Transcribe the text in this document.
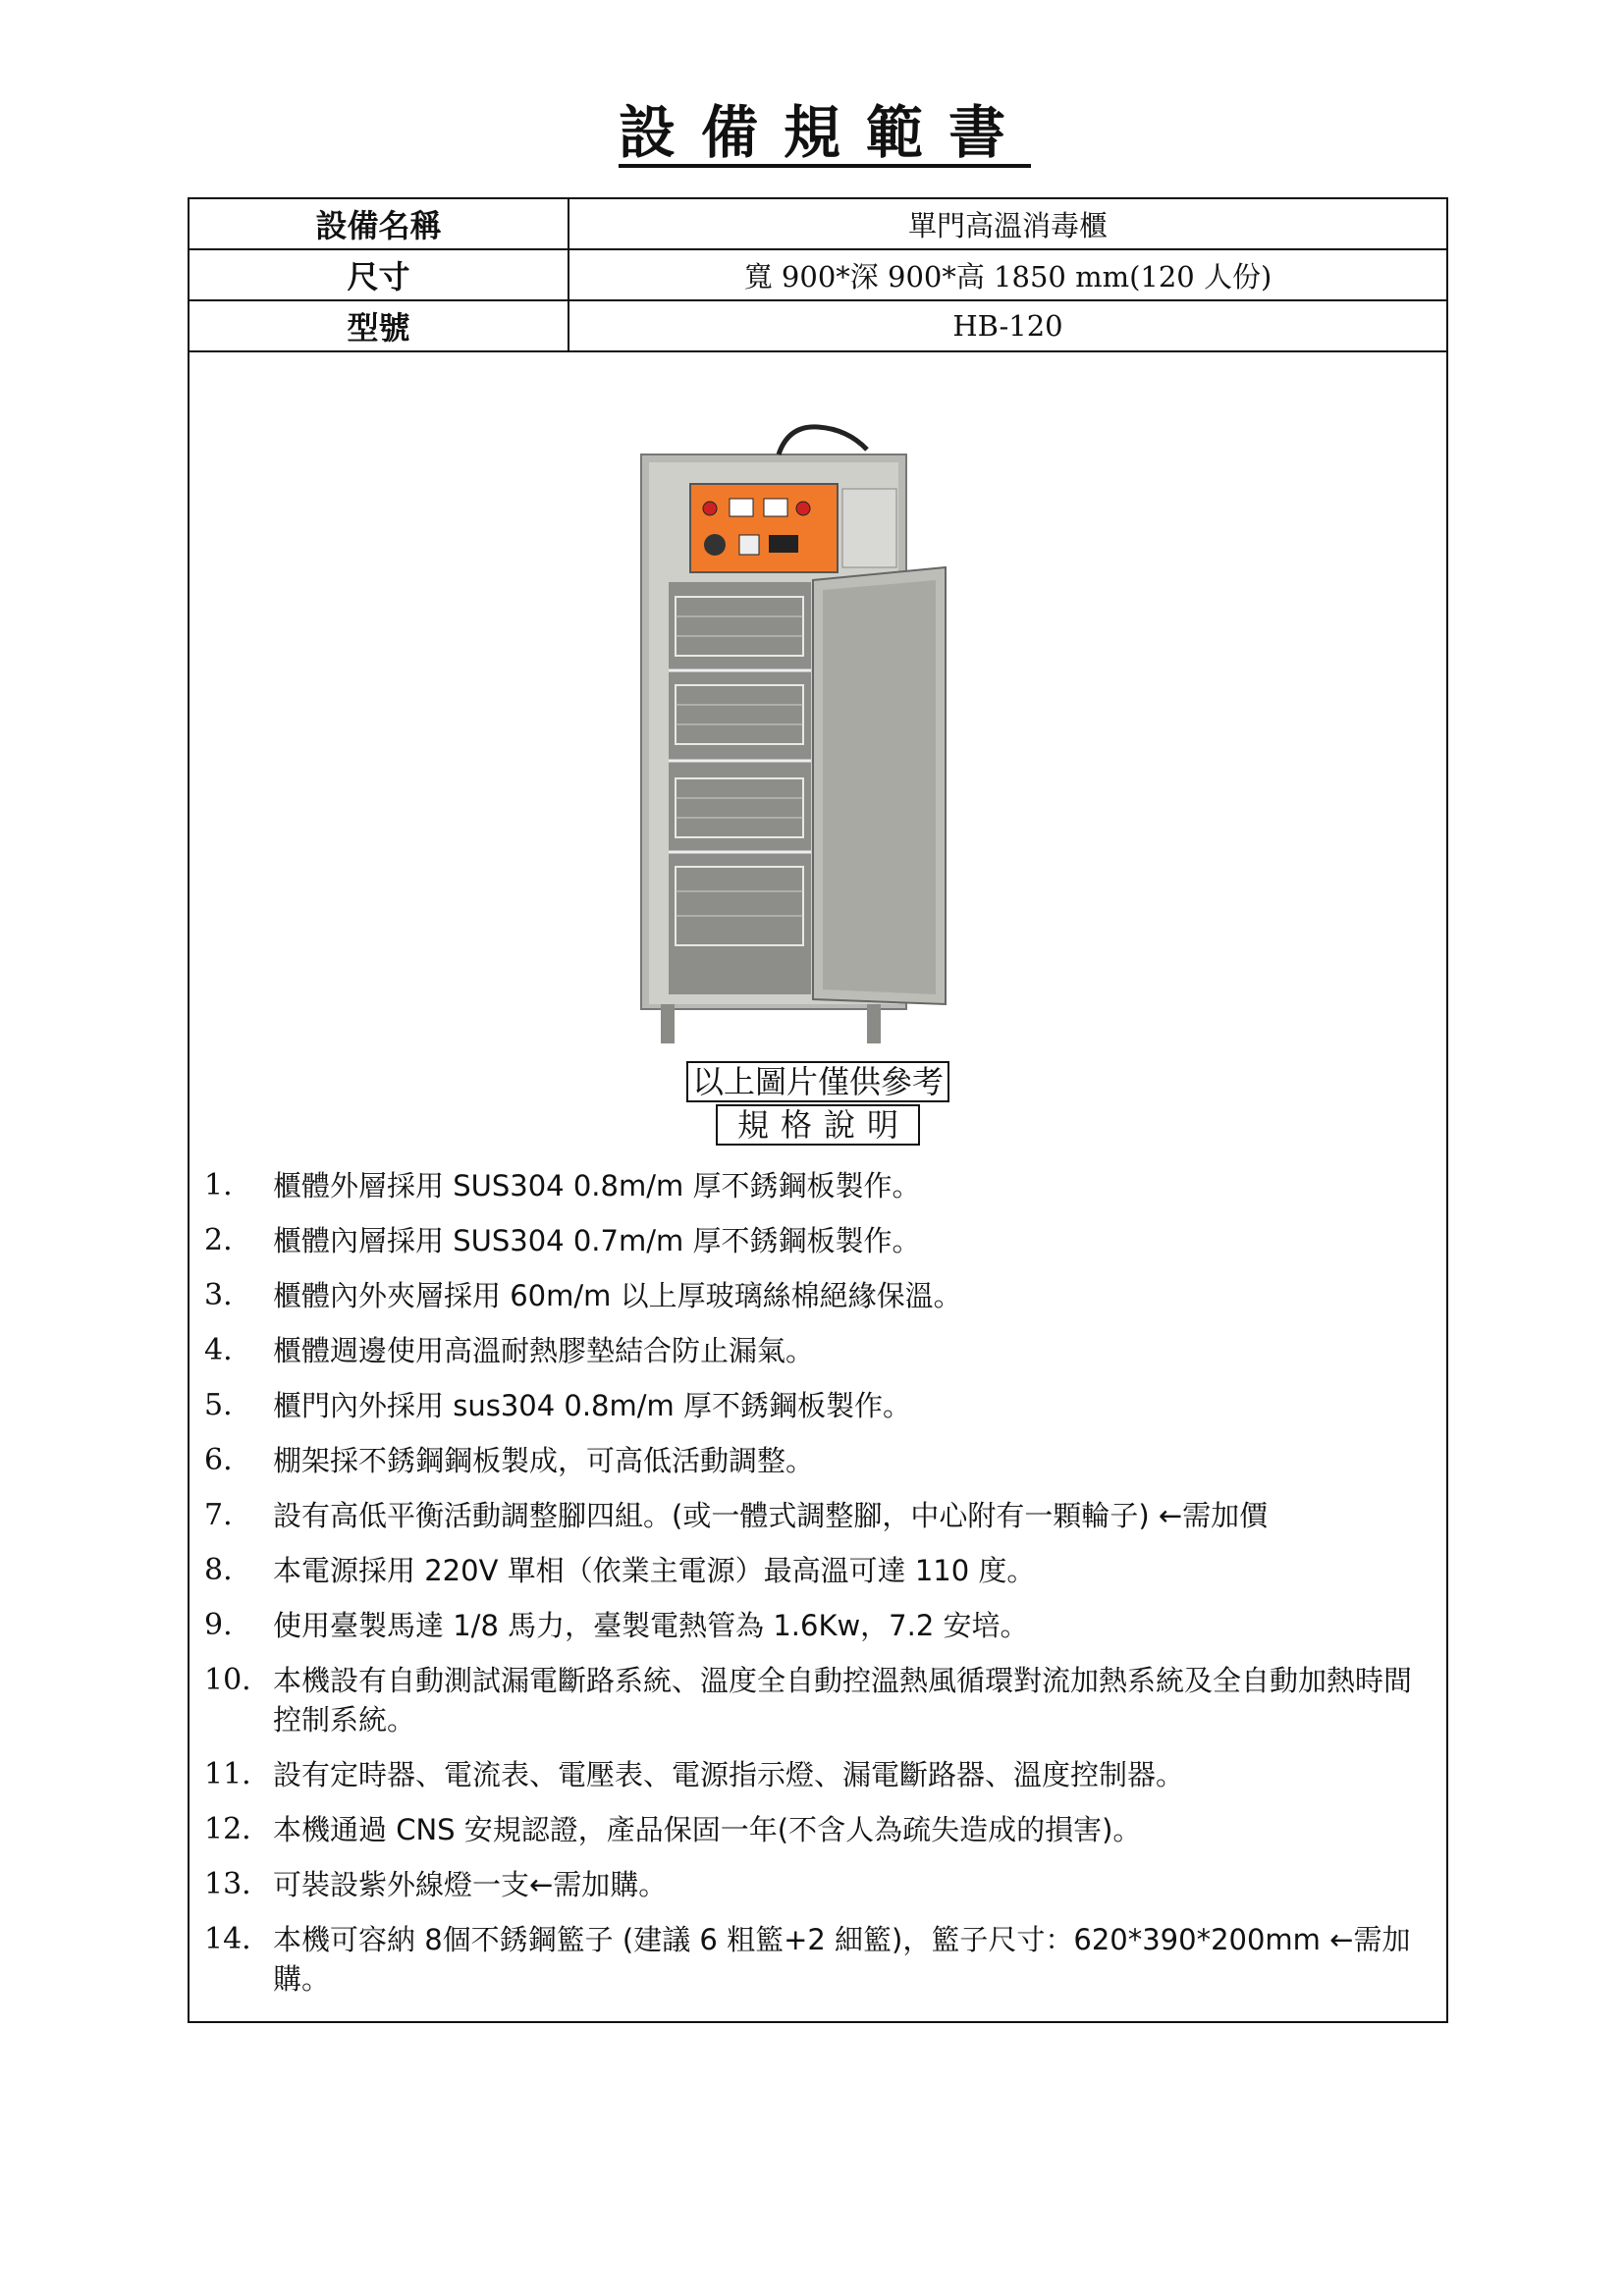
設備規範書
設備名稱	單門高溫消毒櫃
尺寸	寬 900*深 900*高 1850 mm(120 人份)
型號	HB-120
以上圖片僅供參考
規格說明
1.	櫃體外層採用 SUS304 0.8m/m 厚不銹鋼板製作。
2.	櫃體內層採用 SUS304 0.7m/m 厚不銹鋼板製作。
3.	櫃體內外夾層採用 60m/m 以上厚玻璃絲棉絕緣保溫。
4.	櫃體週邊使用高溫耐熱膠墊結合防止漏氣。
5.	櫃門內外採用 sus304 0.8m/m 厚不銹鋼板製作。
6.	棚架採不銹鋼鋼板製成，可高低活動調整。
7.	設有高低平衡活動調整腳四組。(或一體式調整腳，中心附有一顆輪子) ←需加價
8.	本電源採用 220V 單相（依業主電源）最高溫可達 110 度。
9.	使用臺製馬達 1/8 馬力，臺製電熱管為 1.6Kw，7.2 安培。
10. 本機設有自動測試漏電斷路系統、溫度全自動控溫熱風循環對流加熱系統及全自動加熱時間控制系統。
11. 設有定時器、電流表、電壓表、電源指示燈、漏電斷路器、溫度控制器。
12. 本機通過 CNS 安規認證，產品保固一年(不含人為疏失造成的損害)。
13. 可裝設紫外線燈一支←需加購。
14. 本機可容納 8個不銹鋼籃子 (建議 6 粗籃+2 細籃)，籃子尺寸：620*390*200mm ←需加購。
